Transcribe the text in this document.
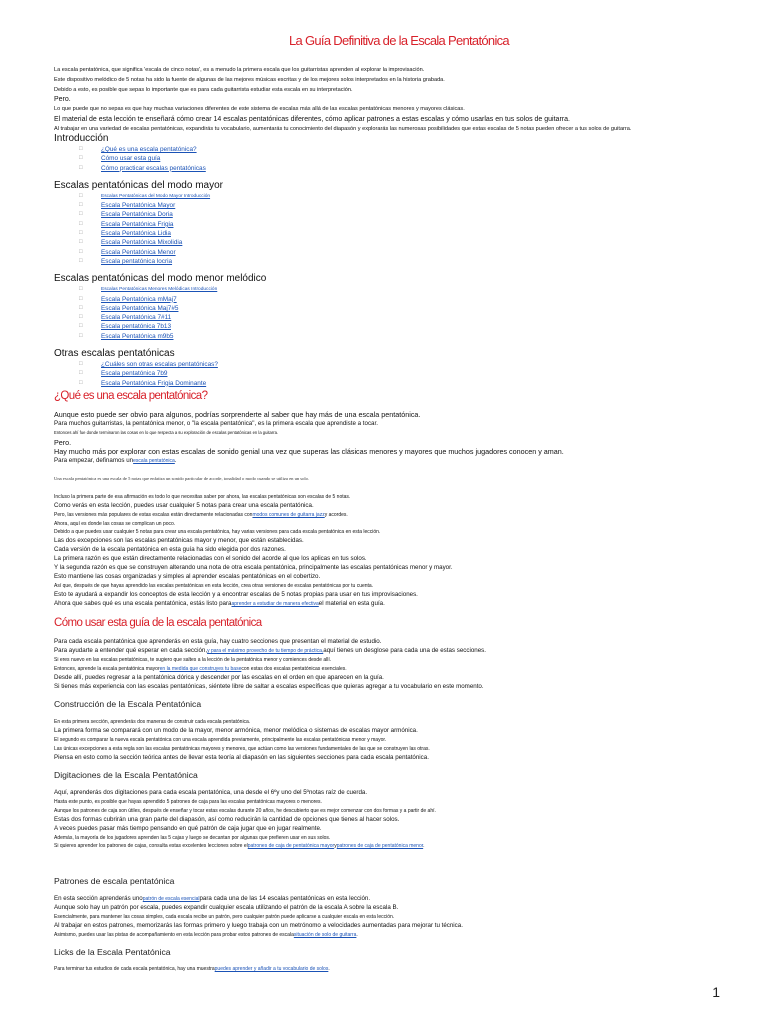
La Guía Definitiva de la Escala Pentatónica

La escala pentatónica, que significa 'escala de cinco notas', es a menudo la primera escala que los guitarristas aprenden al explorar la improvisación.

Este dispositivo melódico de 5 notas ha sido la fuente de algunas de las mejores músicas escritas y de los mejores solos interpretados en la historia grabada.

Debido a esto, es posible que sepas lo importante que es para cada guitarrista estudiar esta escala en su interpretación.

Pero.

Lo que puede que no sepas es que hay muchas variaciones diferentes de este sistema de escalas más allá de las escalas pentatónicas menores y mayores clásicas.

El material de esta lección te enseñará cómo crear 14 escalas pentatónicas diferentes, cómo aplicar patrones a estas escalas y cómo usarlas en tus solos de guitarra.

Al trabajar en una variedad de escalas pentatónicas, expandirás tu vocabulario, aumentarás tu conocimiento del diapasón y explorarás las numerosas posibilidades que estas escalas de 5 notas pueden ofrecer a tus solos de guitarra.

Introducción
□	¿Qué es una escala pentatónica?
□	Cómo usar esta guía
□	Cómo practicar escalas pentatónicas
Escalas pentatónicas del modo mayor
□	Escalas Pentatónicas del Modo Mayor Introducción
□	Escala Pentatónica Mayor
□	Escala Pentatónica Doria
□	Escala Pentatónica Frigia
□	Escala Pentatónica Lidia
□	Escala Pentatónica Mixolidia
□	Escala Pentatónica Menor
□	Escala pentatónica locria
Escalas pentatónicas del modo menor melódico
□	Escalas Pentatónicas Menores Melódicas Introducción
□	Escala Pentatónica mMaj7
□	Escala Pentatónica Maj7#5
□	Escala Pentatónica 7#11
□	Escala pentatónica 7b13
□	Escala Pentatónica m9b5
Otras escalas pentatónicas
□	¿Cuáles son otras escalas pentatónicas?
□	Escala pentatónica 7b9
□	Escala Pentatónica Frigia Dominante
¿Qué es una escala pentatónica?

Aunque esto puede ser obvio para algunos, podrías sorprenderte al saber que hay más de una escala pentatónica.

Para muchos guitarristas, la pentatónica menor, o "la escala pentatónica", es la primera escala que aprendiste a tocar.

Entonces ahí fue donde terminaron las cosas en lo que respecta a su exploración de escalas pentatónicas en la guitarra.

Pero.

Hay mucho más por explorar con estas escalas de sonido genial una vez que superas las clásicas menores y mayores que muchos jugadores conocen y aman.

Para empezar, definamos unescala pentatónica.

Una escala pentatónica es una escala de 5 notas que enfatiza un sonido particular de acorde, tonalidad o modo cuando se utiliza en un solo.

Incluso la primera parte de esa afirmación es todo lo que necesitas saber por ahora, las escalas pentatónicas son escalas de 5 notas.

Como verás en esta lección, puedes usar cualquier 5 notas para crear una escala pentatónica.

Pero, las versiones más populares de estas escalas están directamente relacionadas conmodos comunes de guitarra jazzy acordes.

Ahora, aquí es donde las cosas se complican un poco.

Debido a que puedes usar cualquier 5 notas para crear una escala pentatónica, hay varias versiones para cada escala pentatónica en esta lección.

Las dos excepciones son las escalas pentatónicas mayor y menor, que están establecidas.

Cada versión de la escala pentatónica en esta guía ha sido elegida por dos razones.

La primera razón es que están directamente relacionadas con el sonido del acorde al que los aplicas en tus solos.

Y la segunda razón es que se construyen alterando una nota de otra escala pentatónica, principalmente las escalas pentatónicas menor y mayor.

Esto mantiene las cosas organizadas y simples al aprender escalas pentatónicas en el cobertizo.

Así que, después de que hayas aprendido las escalas pentatónicas en esta lección, crea otras versiones de escalas pentatónicas por tu cuenta.

Esto te ayudará a expandir los conceptos de esta lección y a encontrar escalas de 5 notas propias para usar en tus improvisaciones.

Ahora que sabes qué es una escala pentatónica, estás listo paraaprender a estudiar de manera efectivael material en esta guía.

Cómo usar esta guía de la escala pentatónica

Para cada escala pentatónica que aprenderás en esta guía, hay cuatro secciones que presentan el material de estudio.

Para ayudarte a entender qué esperar en cada sección,y para el máximo provecho de tu tiempo de práctica,aquí tienes un desglose para cada una de estas secciones.

Si eres nuevo en las escalas pentatónicas, te sugiero que saltes a la lección de la pentatónica menor y comiences desde allí.

Entonces, aprende la escala pentatónica mayoren la medida que construyes tu basecon estas dos escalas pentatónicas esenciales.

Desde allí, puedes regresar a la pentatónica dórica y descender por las escalas en el orden en que aparecen en la guía.

Si tienes más experiencia con las escalas pentatónicas, siéntete libre de saltar a escalas específicas que quieras agregar a tu vocabulario en este momento.

Construcción de la Escala Pentatónica

En esta primera sección, aprenderás dos maneras de construir cada escala pentatónica.

La primera forma se comparará con un modo de la mayor, menor armónica, menor melódica o sistemas de escalas mayor armónica.

El segundo es comparar la nueva escala pentatónica con una escala aprendida previamente, principalmente las escalas pentatónicas menor y mayor.

Las únicas excepciones a esta regla son las escalas pentatónicas mayores y menores, que actúan como las versiones fundamentales de las que se construyen las otras.

Piensa en esto como la sección teórica antes de llevar esta teoría al diapasón en las siguientes secciones para cada escala pentatónica.

Digitaciones de la Escala Pentatónica

Aquí, aprenderás dos digitaciones para cada escala pentatónica, una desde el 6ºy uno del 5ºnotas raíz de cuerda.

Hasta este punto, es posible que hayas aprendido 5 patrones de caja para las escalas pentatónicas mayores o menores.

Aunque los patrones de caja son útiles, después de enseñar y tocar estas escalas durante 20 años, he descubierto que es mejor comenzar con dos formas y a partir de ahí.

Estas dos formas cubrirán una gran parte del diapasón, así como reducirán la cantidad de opciones que tienes al hacer solos.

A veces puedes pasar más tiempo pensando en qué patrón de caja jugar que en jugar realmente.

Además, la mayoría de los jugadores aprenden las 5 cajas y luego se decantan por algunas que prefieren usar en sus solos.

Si quieres aprender los patrones de cajas, consulta estas excelentes lecciones sobre elpatrones de caja de pentatónica mayorypatrones de caja de pentatónica menor.

Patrones de escala pentatónica

En esta sección aprenderás unopatrón de escala esencialpara cada una de las 14 escalas pentatónicas en esta lección.

Aunque solo hay un patrón por escala, puedes expandir cualquier escala utilizando el patrón de la escala A sobre la escala B.

Esencialmente, para mantener las cosas simples, cada escala recibe un patrón, pero cualquier patrón puede aplicarse a cualquier escala en esta lección.

Al trabajar en estos patrones, memorizarás las formas primero y luego trabaja con un metrónomo a velocidades aumentadas para mejorar tu técnica.

Asimismo, puedes usar las pistas de acompañamiento en esta lección para probar estos patrones de escalasituación de solo de guitarra.

Licks de la Escala Pentatónica

Para terminar tus estudios de cada escala pentatónica, hay una muestrapuedes aprender y añadir a tu vocabulario de solos.

1
